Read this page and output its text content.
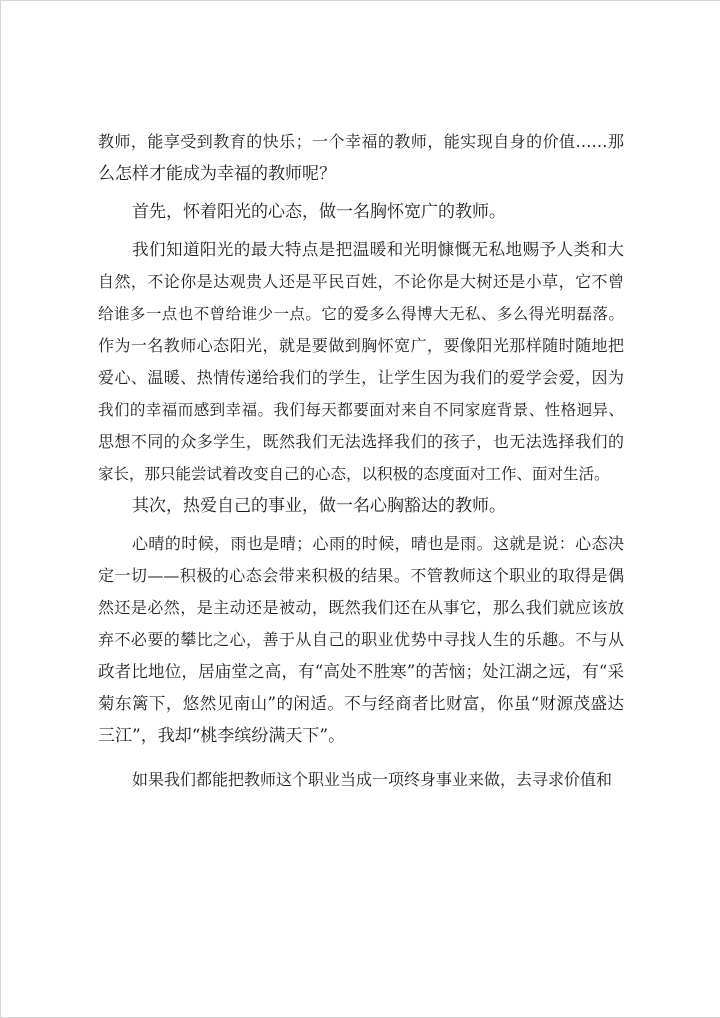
教师，能享受到教育的快乐；一个幸福的教师，能实现自身的价值……那
么怎样才能成为幸福的教师呢？
首先，怀着阳光的心态，做一名胸怀宽广的教师。
我们知道阳光的最大特点是把温暖和光明慷慨无私地赐予人类和大
自然，不论你是达观贵人还是平民百姓，不论你是大树还是小草，它不曾
给谁多一点也不曾给谁少一点。它的爱多么得博大无私、多么得光明磊落。
作为一名教师心态阳光，就是要做到胸怀宽广，要像阳光那样随时随地把
爱心、温暖、热情传递给我们的学生，让学生因为我们的爱学会爱，因为
我们的幸福而感到幸福。我们每天都要面对来自不同家庭背景、性格迥异、
思想不同的众多学生，既然我们无法选择我们的孩子，也无法选择我们的
家长，那只能尝试着改变自己的心态，以积极的态度面对工作、面对生活。
其次，热爱自己的事业，做一名心胸豁达的教师。
心晴的时候，雨也是晴；心雨的时候，晴也是雨。这就是说：心态决
定一切——积极的心态会带来积极的结果。不管教师这个职业的取得是偶
然还是必然，是主动还是被动，既然我们还在从事它，那么我们就应该放
弃不必要的攀比之心，善于从自己的职业优势中寻找人生的乐趣。不与从
政者比地位，居庙堂之高，有“高处不胜寒”的苦恼；处江湖之远，有“采
菊东篱下，悠然见南山”的闲适。不与经商者比财富，你虽“财源茂盛达
三江”，我却“桃李缤纷满天下”。
如果我们都能把教师这个职业当成一项终身事业来做，去寻求价值和
